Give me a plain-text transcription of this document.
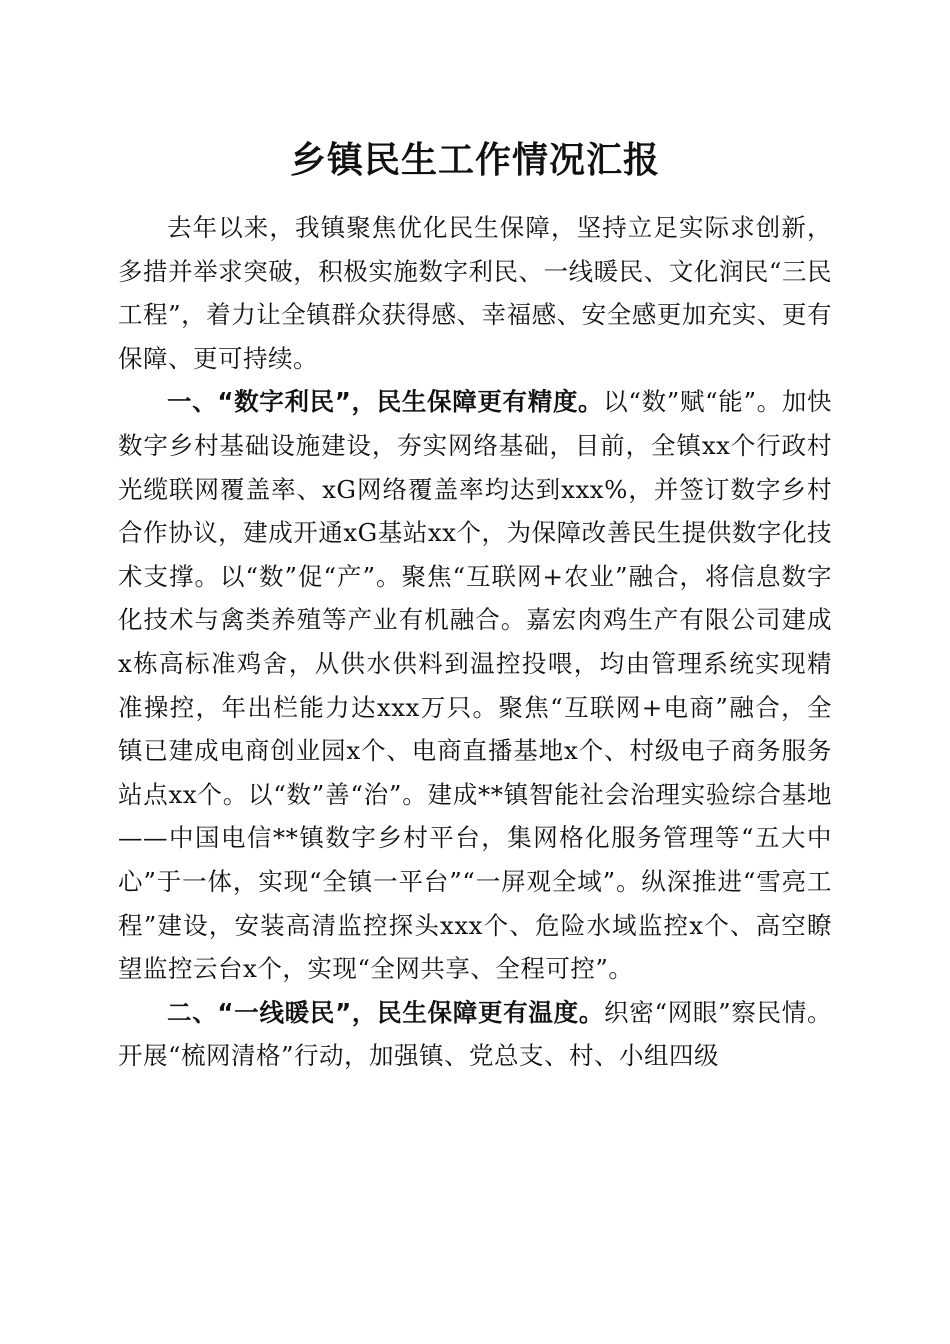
乡镇民生工作情况汇报

去年以来，我镇聚焦优化民生保障，坚持立足实际求创新，多措并举求突破，积极实施数字利民、一线暖民、文化润民“三民工程”，着力让全镇群众获得感、幸福感、安全感更加充实、更有保障、更可持续。

一、“数字利民”，民生保障更有精度。以“数”赋“能”。加快数字乡村基础设施建设，夯实网络基础，目前，全镇xx个行政村光缆联网覆盖率、xG网络覆盖率均达到xxx%，并签订数字乡村合作协议，建成开通xG基站xx个，为保障改善民生提供数字化技术支撑。以“数”促“产”。聚焦“互联网+农业”融合，将信息数字化技术与禽类养殖等产业有机融合。嘉宏肉鸡生产有限公司建成x栋高标准鸡舍，从供水供料到温控投喂，均由管理系统实现精准操控，年出栏能力达xxx万只。聚焦“互联网+电商”融合，全镇已建成电商创业园x个、电商直播基地x个、村级电子商务服务站点xx个。以“数”善“治”。建成**镇智能社会治理实验综合基地——中国电信**镇数字乡村平台，集网格化服务管理等“五大中心”于一体，实现“全镇一平台”“一屏观全域”。纵深推进“雪亮工程”建设，安装高清监控探头xxx个、危险水域监控x个、高空瞭望监控云台x个，实现“全网共享、全程可控”。

二、“一线暖民”，民生保障更有温度。织密“网眼”察民情。开展“梳网清格”行动，加强镇、党总支、村、小组四级
